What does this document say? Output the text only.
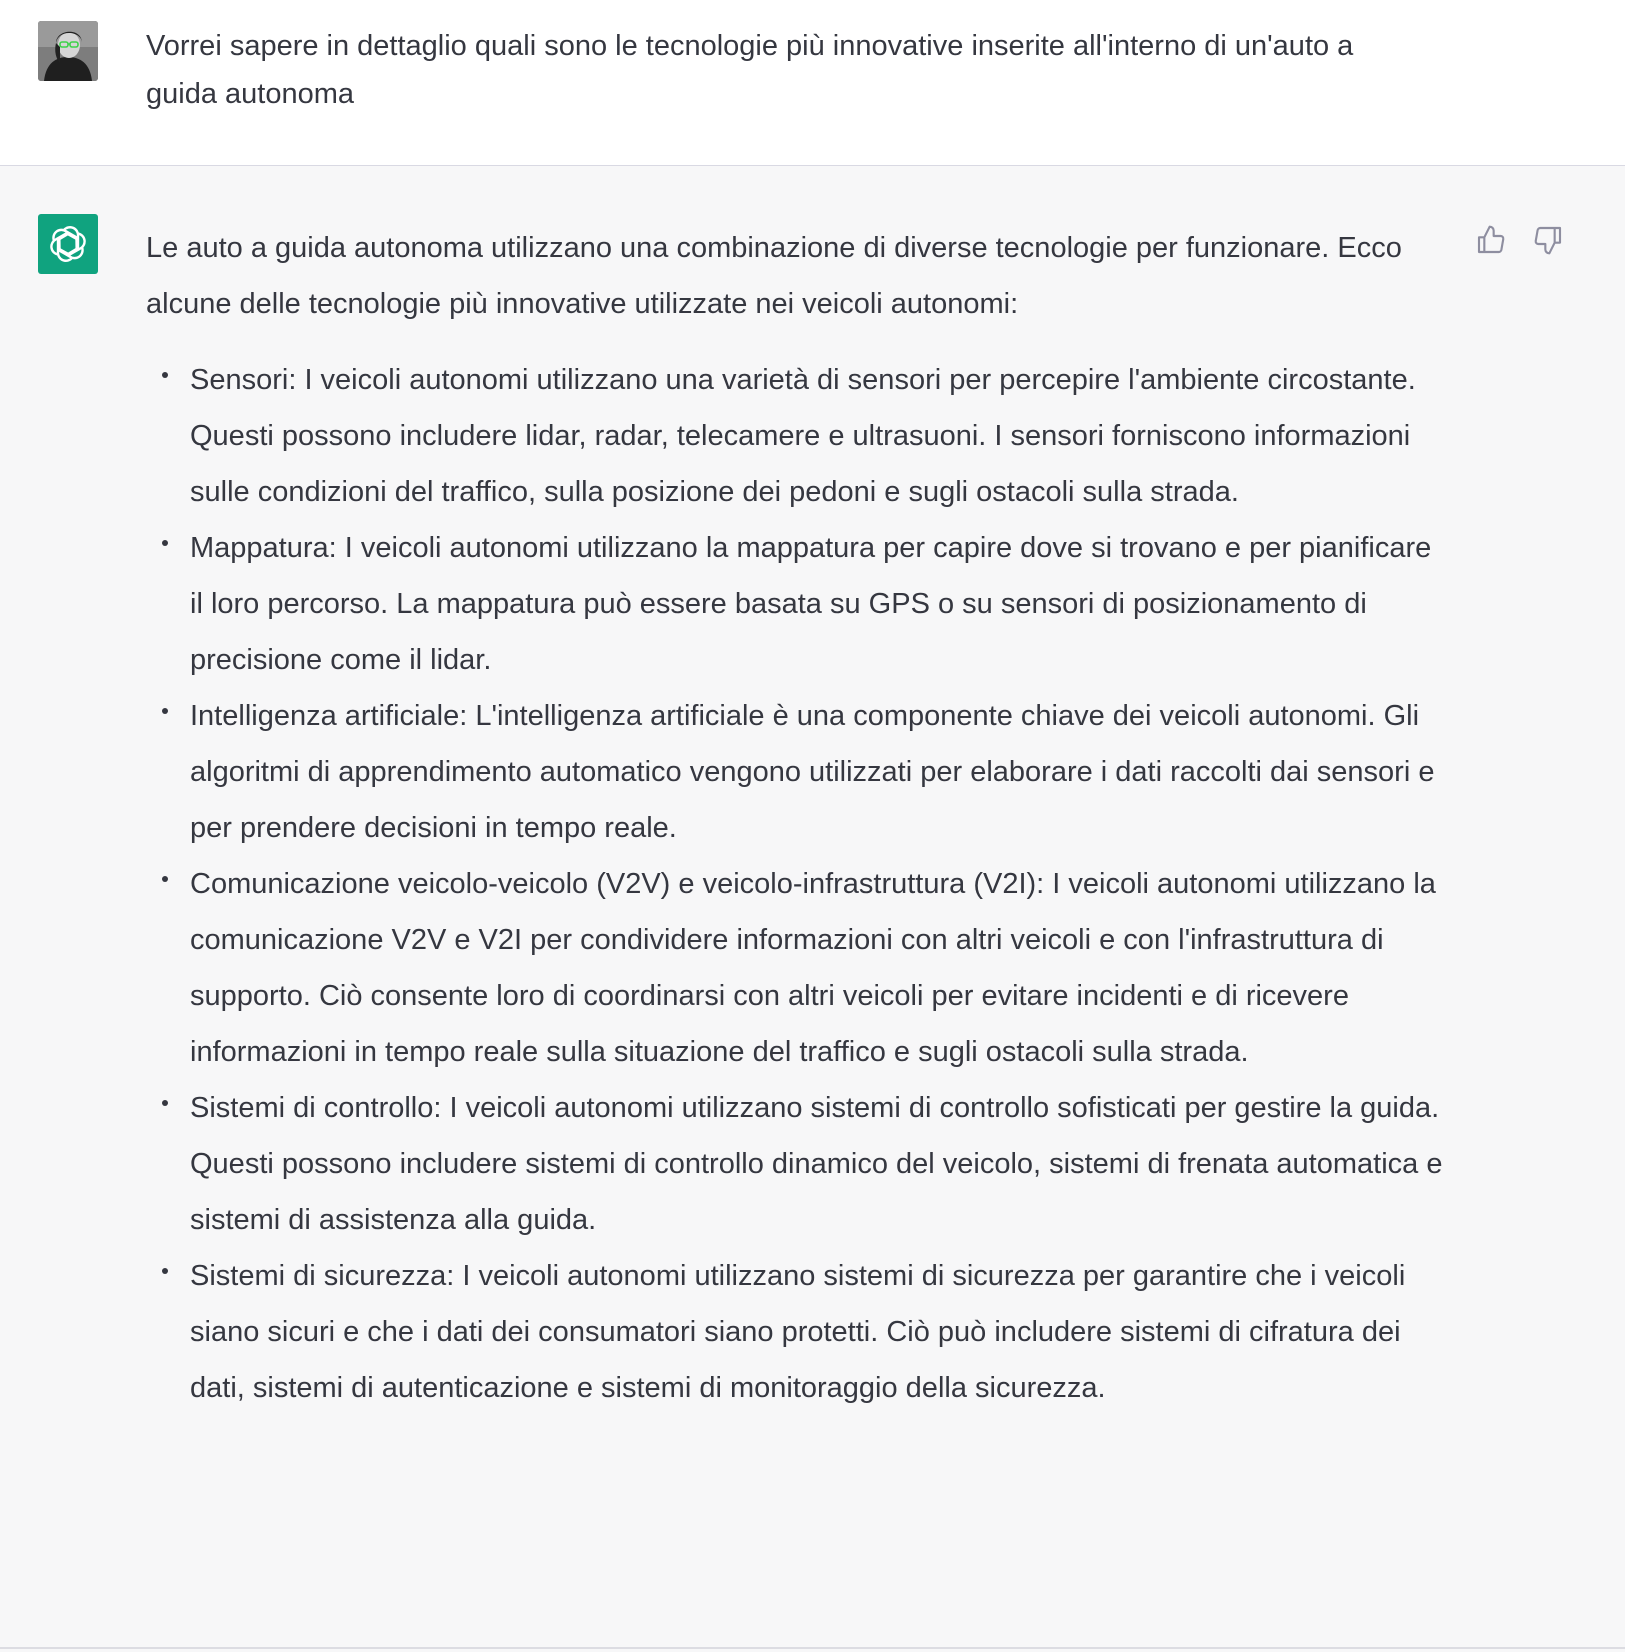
Vorrei sapere in dettaglio quali sono le tecnologie più innovative inserite all'interno di un'auto a guida autonoma

Le auto a guida autonoma utilizzano una combinazione di diverse tecnologie per funzionare. Ecco alcune delle tecnologie più innovative utilizzate nei veicoli autonomi:

Sensori: I veicoli autonomi utilizzano una varietà di sensori per percepire l'ambiente circostante. Questi possono includere lidar, radar, telecamere e ultrasuoni. I sensori forniscono informazioni sulle condizioni del traffico, sulla posizione dei pedoni e sugli ostacoli sulla strada.
Mappatura: I veicoli autonomi utilizzano la mappatura per capire dove si trovano e per pianificare il loro percorso. La mappatura può essere basata su GPS o su sensori di posizionamento di precisione come il lidar.
Intelligenza artificiale: L'intelligenza artificiale è una componente chiave dei veicoli autonomi. Gli algoritmi di apprendimento automatico vengono utilizzati per elaborare i dati raccolti dai sensori e per prendere decisioni in tempo reale.
Comunicazione veicolo-veicolo (V2V) e veicolo-infrastruttura (V2I): I veicoli autonomi utilizzano la comunicazione V2V e V2I per condividere informazioni con altri veicoli e con l'infrastruttura di supporto. Ciò consente loro di coordinarsi con altri veicoli per evitare incidenti e di ricevere informazioni in tempo reale sulla situazione del traffico e sugli ostacoli sulla strada.
Sistemi di controllo: I veicoli autonomi utilizzano sistemi di controllo sofisticati per gestire la guida. Questi possono includere sistemi di controllo dinamico del veicolo, sistemi di frenata automatica e sistemi di assistenza alla guida.
Sistemi di sicurezza: I veicoli autonomi utilizzano sistemi di sicurezza per garantire che i veicoli siano sicuri e che i dati dei consumatori siano protetti. Ciò può includere sistemi di cifratura dei dati, sistemi di autenticazione e sistemi di monitoraggio della sicurezza.
